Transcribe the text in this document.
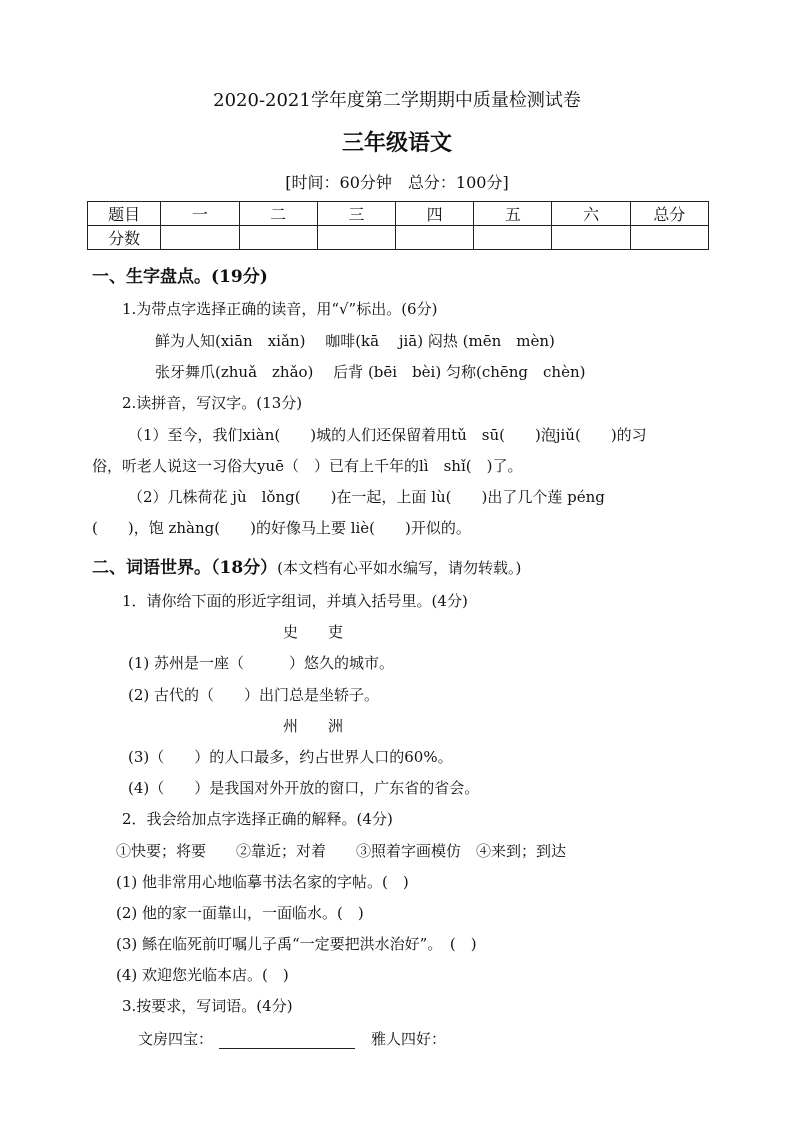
2020-2021学年度第二学期期中质量检测试卷
三年级语文
[时间：60分钟　总分：100分]
题目	一	二	三	四	五	六	总分
分数							
一、生字盘点。(19分)
1.为带点字选择正确的读音，用“√”标出。(6分)
鲜为人知(xiān　xiǎn)　 咖啡(kā　 jiā) 闷热 (mēn　mèn)
张牙舞爪(zhuǎ　zhǎo)　 后背 (bēi　bèi) 匀称(chēng　chèn)
2.读拼音，写汉字。(13分)
（1）至今，我们xiàn(　　)城的人们还保留着用tǔ　sū(　　)泡jiǔ(　　)的习
俗，听老人说这一习俗大yuē（　）已有上千年的lì　shǐ(　)了。
（2）几株荷花 jù　lǒng(　　)在一起，上面 lù(　　)出了几个莲 péng
(　　)，饱 zhàng(　　)的好像马上要 liè(　　)开似的。
二、词语世界。（18分）(本文档有心平如水编写，请勿转载。)
1．请你给下面的形近字组词，并填入括号里。(4分)
史　　吏
(1) 苏州是一座（　　　）悠久的城市。
(2) 古代的（　　）出门总是坐轿子。
州　　洲
(3)（　　）的人口最多，约占世界人口的60%。
(4)（　　）是我国对外开放的窗口，广东省的省会。
2．我会给加点字选择正确的解释。(4分)
①快要；将要　　②靠近；对着　　③照着字画模仿　④来到；到达
(1) 他非常用心地临摹书法名家的字帖。(　)
(2) 他的家一面靠山，一面临水。(　)
(3) 鲧在临死前叮嘱儿子禹“一定要把洪水治好”。　(　)
(4) 欢迎您光临本店。(　)
3.按要求，写词语。(4分)
文房四宝：	雅人四好：
